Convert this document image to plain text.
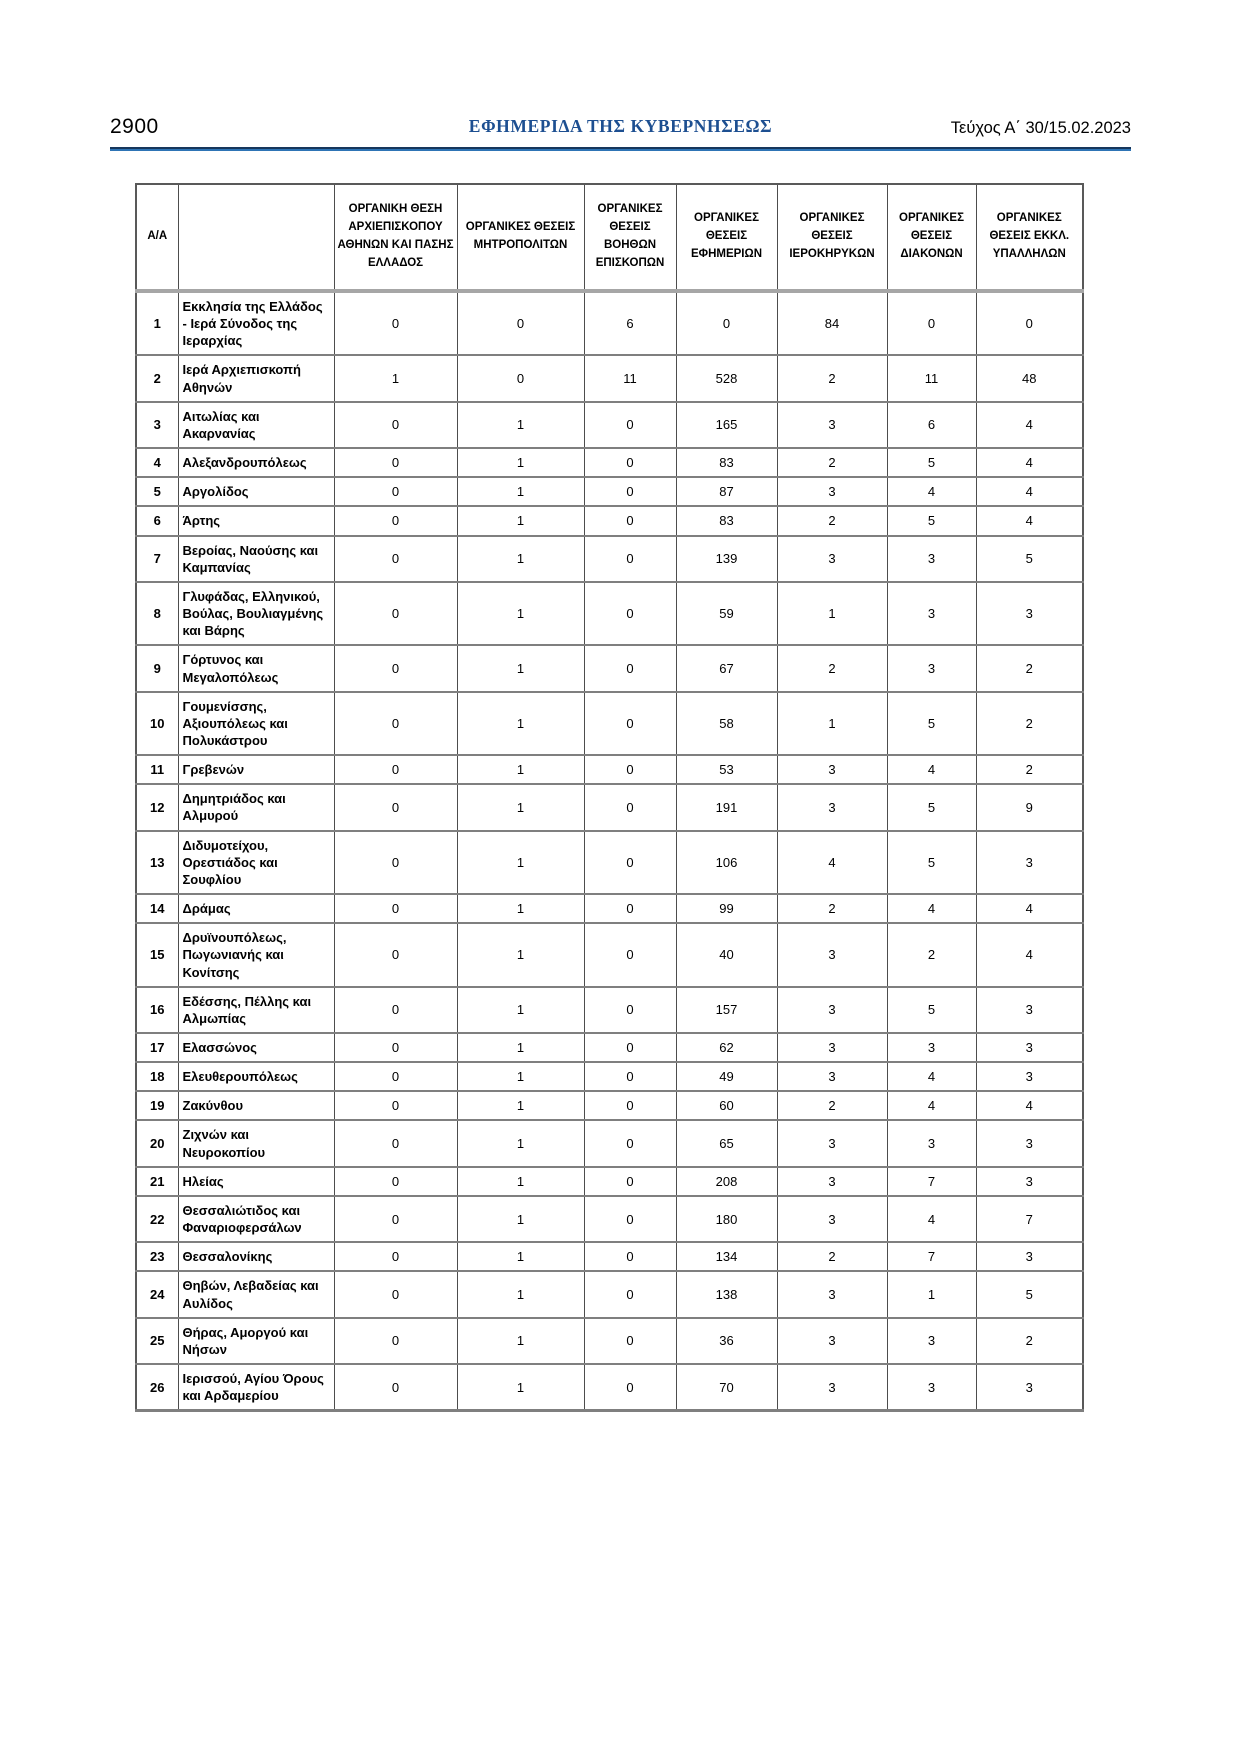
2900	ΕΦΗΜΕΡΙΔΑ ΤΗΣ ΚΥΒΕΡΝΗΣΕΩΣ	Τεύχος Α΄ 30/15.02.2023
Α/Α		ΟΡΓΑΝΙΚΗ ΘΕΣΗ ΑΡΧΙΕΠΙΣΚΟΠΟΥ ΑΘΗΝΩΝ ΚΑΙ ΠΑΣΗΣ ΕΛΛΑΔΟΣ	ΟΡΓΑΝΙΚΕΣ ΘΕΣΕΙΣ ΜΗΤΡΟΠΟΛΙΤΩΝ	ΟΡΓΑΝΙΚΕΣ ΘΕΣΕΙΣ ΒΟΗΘΩΝ ΕΠΙΣΚΟΠΩΝ	ΟΡΓΑΝΙΚΕΣ ΘΕΣΕΙΣ ΕΦΗΜΕΡΙΩΝ	ΟΡΓΑΝΙΚΕΣ ΘΕΣΕΙΣ ΙΕΡΟΚΗΡΥΚΩΝ	ΟΡΓΑΝΙΚΕΣ ΘΕΣΕΙΣ ΔΙΑΚΟΝΩΝ	ΟΡΓΑΝΙΚΕΣ ΘΕΣΕΙΣ ΕΚΚΛ. ΥΠΑΛΛΗΛΩΝ
1	Εκκλησία της Ελλάδος - Ιερά Σύνοδος της Ιεραρχίας	0	0	6	0	84	0	0
2	Ιερά Αρχιεπισκοπή Αθηνών	1	0	11	528	2	11	48
3	Αιτωλίας και Ακαρνανίας	0	1	0	165	3	6	4
4	Αλεξανδρουπόλεως	0	1	0	83	2	5	4
5	Αργολίδος	0	1	0	87	3	4	4
6	Άρτης	0	1	0	83	2	5	4
7	Βεροίας, Ναούσης και Καμπανίας	0	1	0	139	3	3	5
8	Γλυφάδας, Ελληνικού, Βούλας, Βουλιαγμένης και Βάρης	0	1	0	59	1	3	3
9	Γόρτυνος και Μεγαλοπόλεως	0	1	0	67	2	3	2
10	Γουμενίσσης, Αξιουπόλεως και Πολυκάστρου	0	1	0	58	1	5	2
11	Γρεβενών	0	1	0	53	3	4	2
12	Δημητριάδος και Αλμυρού	0	1	0	191	3	5	9
13	Διδυμοτείχου, Ορεστιάδος και Σουφλίου	0	1	0	106	4	5	3
14	Δράμας	0	1	0	99	2	4	4
15	Δρυϊνουπόλεως, Πωγωνιανής και Κονίτσης	0	1	0	40	3	2	4
16	Εδέσσης, Πέλλης και Αλμωπίας	0	1	0	157	3	5	3
17	Ελασσώνος	0	1	0	62	3	3	3
18	Ελευθερουπόλεως	0	1	0	49	3	4	3
19	Ζακύνθου	0	1	0	60	2	4	4
20	Ζιχνών και Νευροκοπίου	0	1	0	65	3	3	3
21	Ηλείας	0	1	0	208	3	7	3
22	Θεσσαλιώτιδος και Φαναριοφερσάλων	0	1	0	180	3	4	7
23	Θεσσαλονίκης	0	1	0	134	2	7	3
24	Θηβών, Λεβαδείας και Αυλίδος	0	1	0	138	3	1	5
25	Θήρας, Αμοργού και Νήσων	0	1	0	36	3	3	2
26	Ιερισσού, Αγίου Όρους και Αρδαμερίου	0	1	0	70	3	3	3
